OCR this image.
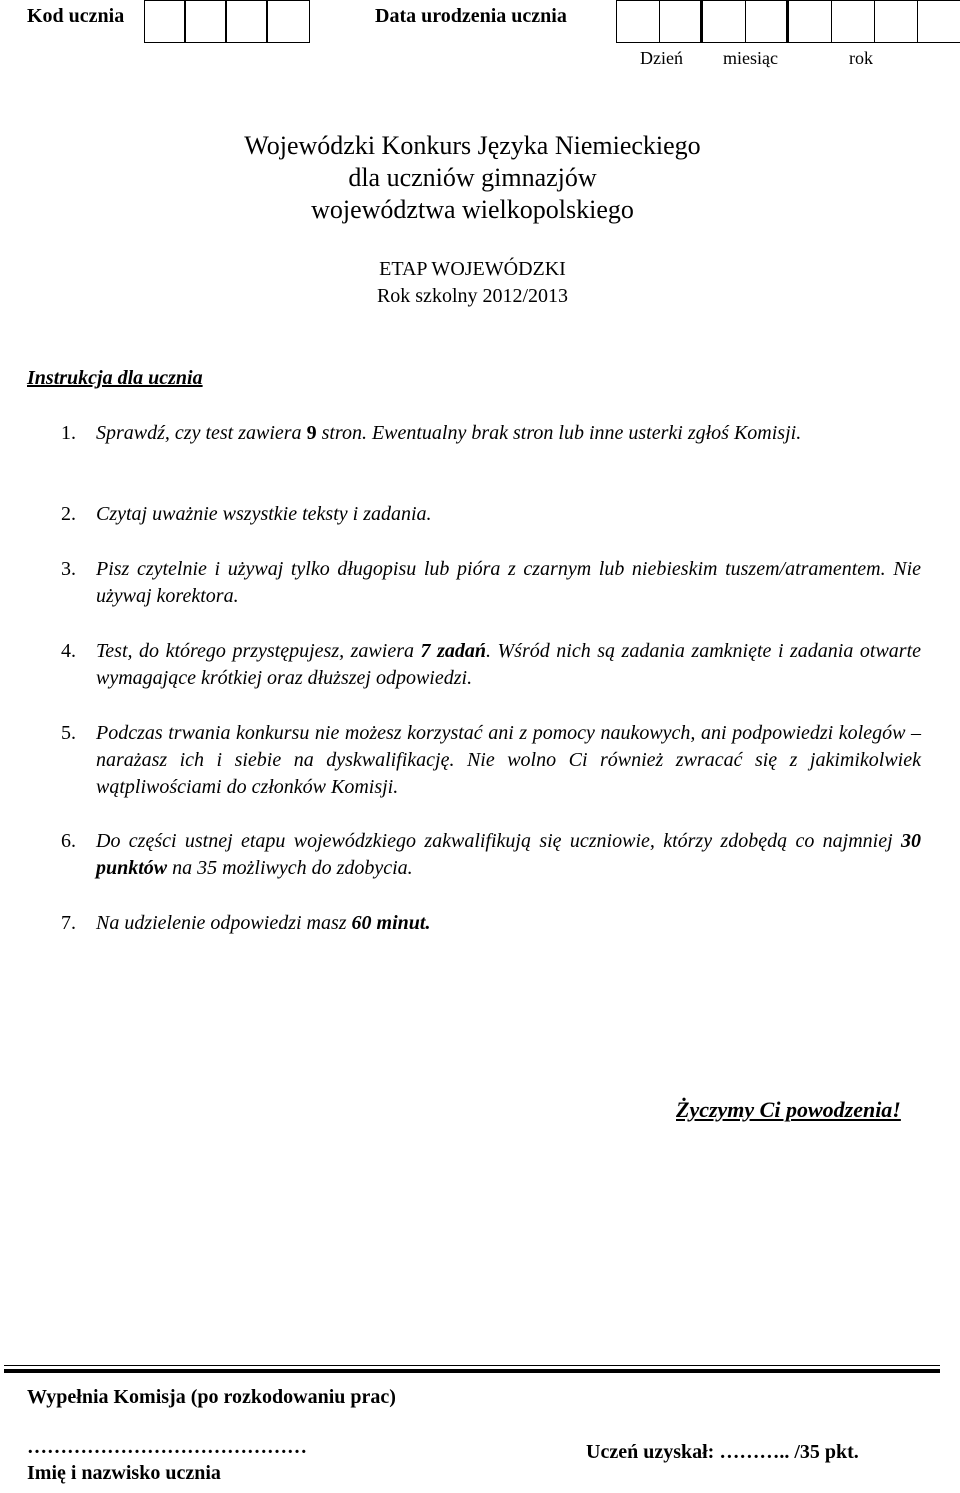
Kod ucznia	Data urodzenia ucznia
Dzień miesiąc	rok
Wojewódzki Konkurs Języka Niemieckiego
dla uczniów gimnazjów
województwa wielkopolskiego
ETAP WOJEWÓDZKI
Rok szkolny 2012/2013
Instrukcja dla ucznia
1.	Sprawdź, czy test zawiera 9 stron. Ewentualny brak stron lub inne usterki zgłoś Komisji.
2.	Czytaj uważnie wszystkie teksty i zadania.
3.	Pisz czytelnie i używaj tylko długopisu lub pióra z czarnym lub niebieskim tuszem/atramentem. Nie używaj korektora.
4.	Test, do którego przystępujesz, zawiera 7 zadań. Wśród nich są zadania zamknięte i zadania otwarte wymagające krótkiej oraz dłuższej odpowiedzi.
5.	Podczas trwania konkursu nie możesz korzystać ani z pomocy naukowych, ani podpowiedzi kolegów – narażasz ich i siebie na dyskwalifikację. Nie wolno Ci również zwracać się z jakimikolwiek wątpliwościami do członków Komisji.
6.	Do części ustnej etapu wojewódzkiego zakwalifikują się uczniowie, którzy zdobędą co najmniej 30 punktów na 35 możliwych do zdobycia.
7.	Na udzielenie odpowiedzi masz 60 minut.
Życzymy Ci powodzenia!
Wypełnia Komisja (po rozkodowaniu prac)
……………………………………
Imię i nazwisko ucznia
Uczeń uzyskał: ……….. /35 pkt.
